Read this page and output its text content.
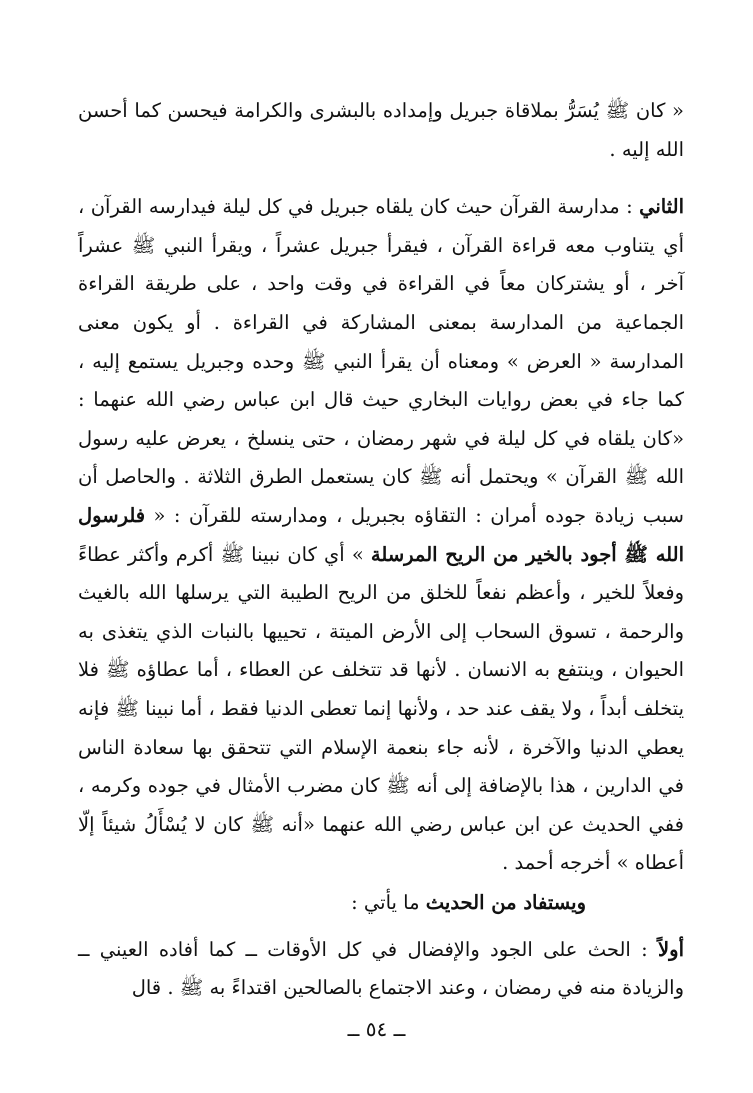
« كان ﷺ يُسَرُّ بملاقاة جبريل وإمداده بالبشرى والكرامة فيحسن كما أحسن الله إليه .

الثاني : مدارسة القرآن حيث كان يلقاه جبريل في كل ليلة فيدارسه القرآن ، أي يتناوب معه قراءة القرآن ، فيقرأ جبريل عشراً ، ويقرأ النبي ﷺ عشراً آخر ، أو يشتركان معاً في القراءة في وقت واحد ، على طريقة القراءة الجماعية من المدارسة بمعنى المشاركة في القراءة . أو يكون معنى المدارسة « العرض » ومعناه أن يقرأ النبي ﷺ وحده وجبريل يستمع إليه ، كما جاء في بعض روايات البخاري حيث قال ابن عباس رضي الله عنهما : «كان يلقاه في كل ليلة في شهر رمضان ، حتى ينسلخ ، يعرض عليه رسول الله ﷺ القرآن » ويحتمل أنه ﷺ كان يستعمل الطرق الثلاثة . والحاصل أن سبب زيادة جوده أمران : التقاؤه بجبريل ، ومدارسته للقرآن : « فلرسول الله ﷺ أجود بالخير من الريح المرسلة » أي كان نبينا ﷺ أكرم وأكثر عطاءً وفعلاً للخير ، وأعظم نفعاً للخلق من الريح الطيبة التي يرسلها الله بالغيث والرحمة ، تسوق السحاب إلى الأرض الميتة ، تحييها بالنبات الذي يتغذى به الحيوان ، وينتفع به الانسان . لأنها قد تتخلف عن العطاء ، أما عطاؤه ﷺ فلا يتخلف أبداً ، ولا يقف عند حد ، ولأنها إنما تعطى الدنيا فقط ، أما نبينا ﷺ فإنه يعطي الدنيا والآخرة ، لأنه جاء بنعمة الإسلام التي تتحقق بها سعادة الناس في الدارين ، هذا بالإضافة إلى أنه ﷺ كان مضرب الأمثال في جوده وكرمه ، ففي الحديث عن ابن عباس رضي الله عنهما «أنه ﷺ كان لا يُسْأَلُ شيئاً إلّا أعطاه » أخرجه أحمد .

ويستفاد من الحديث ما يأتي :

أولاً : الحث على الجود والإفضال في كل الأوقات ــ كما أفاده العيني ــ والزيادة منه في رمضان ، وعند الاجتماع بالصالحين اقتداءً به ﷺ . قال

ــ ٥٤ ــ
